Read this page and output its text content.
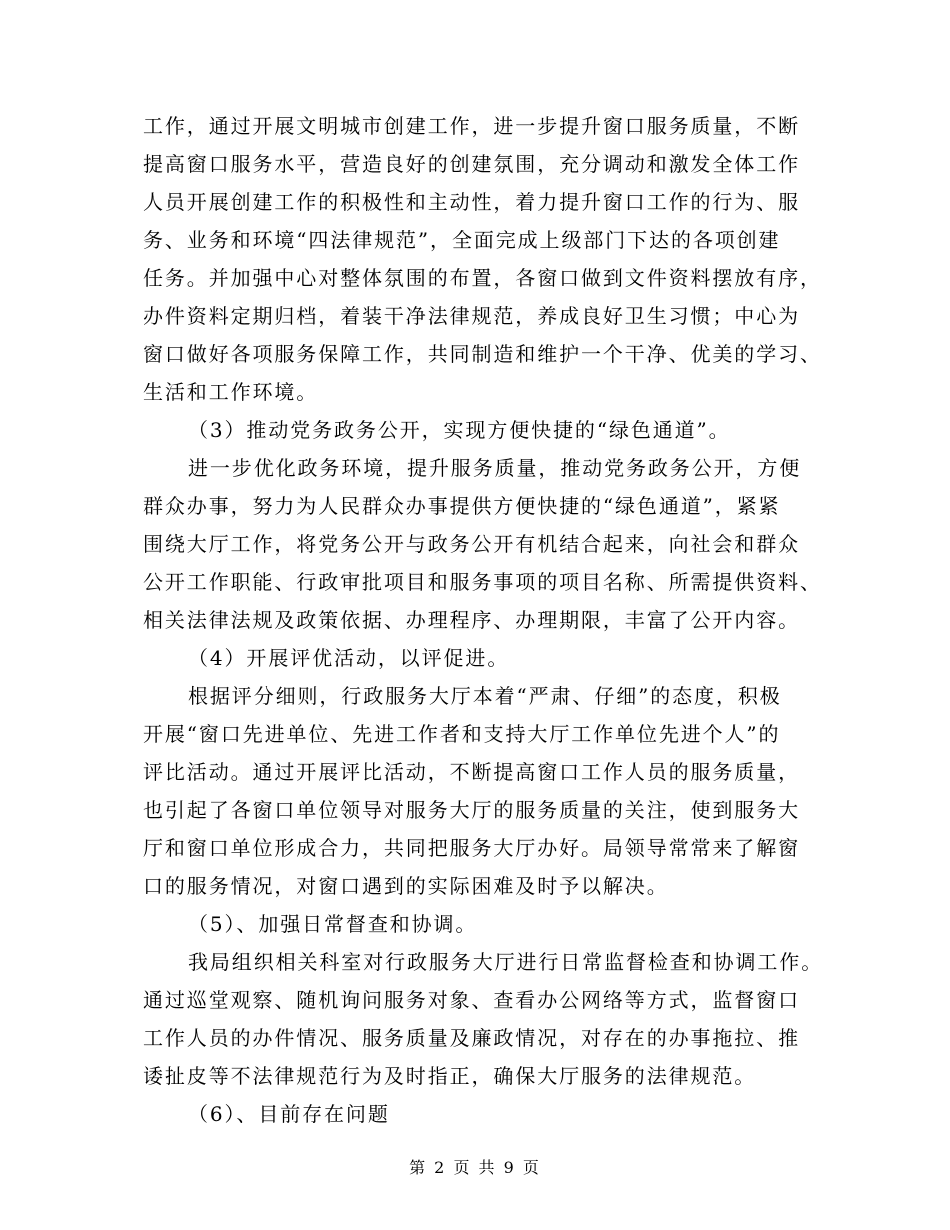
工作，通过开展文明城市创建工作，进一步提升窗口服务质量，不断
提高窗口服务水平，营造良好的创建氛围，充分调动和激发全体工作
人员开展创建工作的积极性和主动性，着力提升窗口工作的行为、服
务、业务和环境“四法律规范”，全面完成上级部门下达的各项创建
任务。并加强中心对整体氛围的布置，各窗口做到文件资料摆放有序，
办件资料定期归档，着装干净法律规范，养成良好卫生习惯；中心为
窗口做好各项服务保障工作，共同制造和维护一个干净、优美的学习、
生活和工作环境。
（3）推动党务政务公开，实现方便快捷的“绿色通道”。
进一步优化政务环境，提升服务质量，推动党务政务公开，方便
群众办事，努力为人民群众办事提供方便快捷的“绿色通道”，紧紧
围绕大厅工作，将党务公开与政务公开有机结合起来，向社会和群众
公开工作职能、行政审批项目和服务事项的项目名称、所需提供资料、
相关法律法规及政策依据、办理程序、办理期限，丰富了公开内容。
（4）开展评优活动，以评促进。
根据评分细则，行政服务大厅本着“严肃、仔细”的态度，积极
开展“窗口先进单位、先进工作者和支持大厅工作单位先进个人”的
评比活动。通过开展评比活动，不断提高窗口工作人员的服务质量，
也引起了各窗口单位领导对服务大厅的服务质量的关注，使到服务大
厅和窗口单位形成合力，共同把服务大厅办好。局领导常常来了解窗
口的服务情况，对窗口遇到的实际困难及时予以解决。
（5）、加强日常督查和协调。
我局组织相关科室对行政服务大厅进行日常监督检查和协调工作。
通过巡堂观察、随机询问服务对象、查看办公网络等方式，监督窗口
工作人员的办件情况、服务质量及廉政情况，对存在的办事拖拉、推
诿扯皮等不法律规范行为及时指正，确保大厅服务的法律规范。
（6）、目前存在问题
第 2 页 共 9 页
